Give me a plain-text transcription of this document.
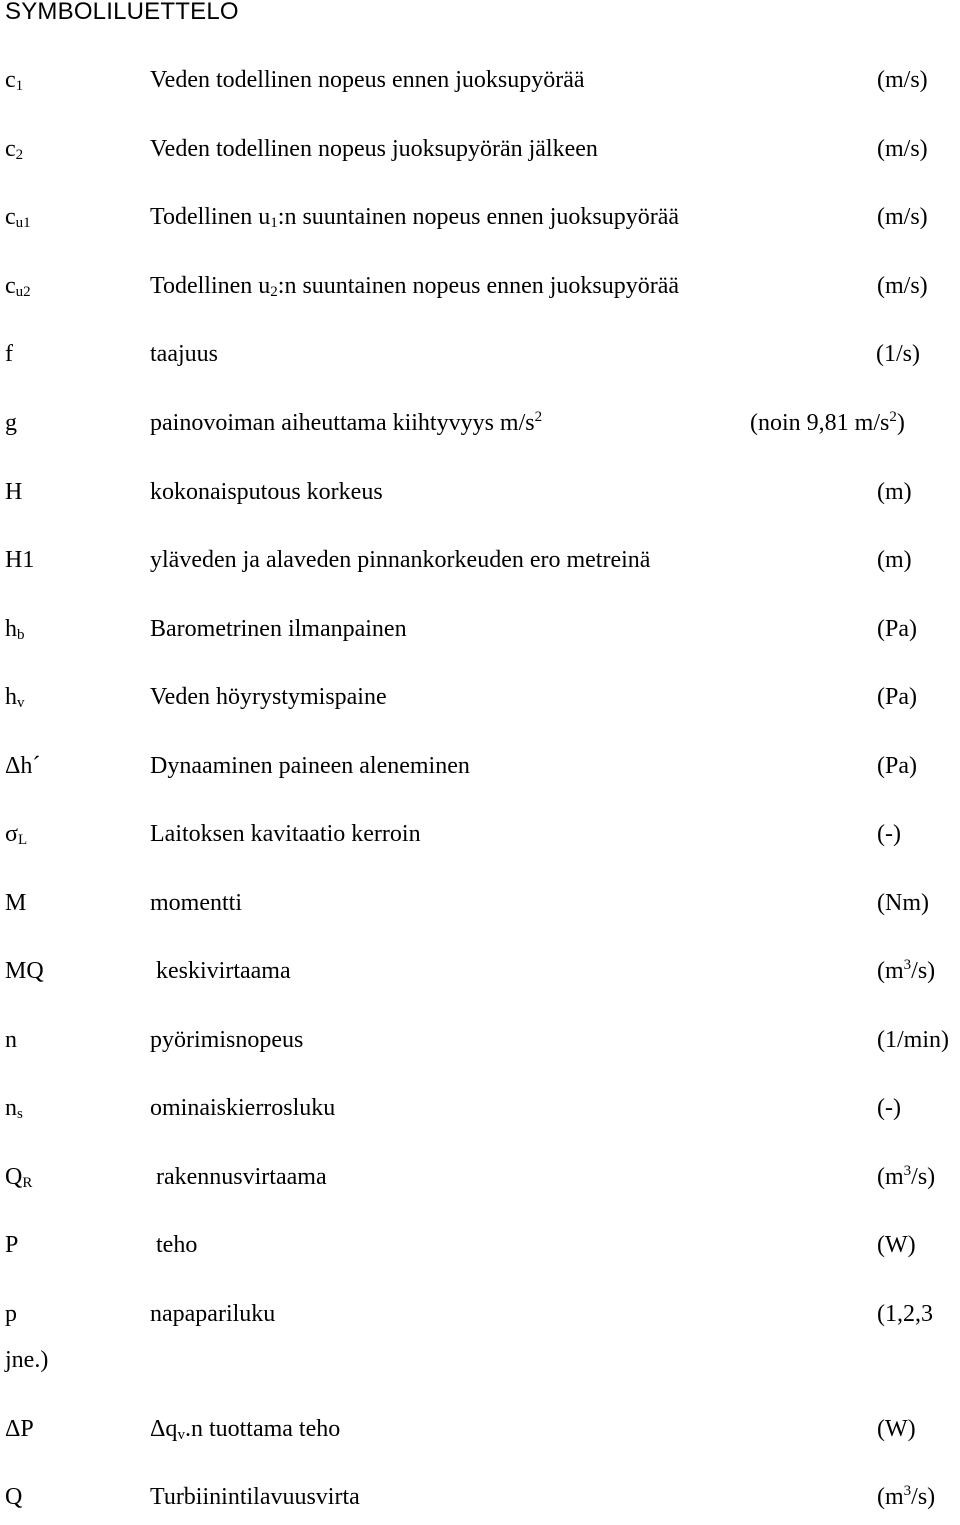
SYMBOLILUETTELO
$c_1$	Veden todellinen nopeus ennen juoksupyörää	(m/s)
$c_2$	Veden todellinen nopeus juoksupyörän jälkeen	(m/s)
$c_{u1}$	Todellinen $u_1:n$ suuntainen nopeus ennen juoksupyörää	(m/s)
$c_{u2}$	Todellinen $u_2:n$ suuntainen nopeus ennen juoksupyörää	(m/s)
f	taajuus	(1/s)
g	painovoiman aiheuttama kiihtyvyys $m/s^2$	(noin 9,81 $m/s^2$)
H	kokonaisputous korkeus	(m)
H1	yläveden ja alaveden pinnankorkeuden ero metreinä	(m)
$h_b$	Barometrinen ilmanpainen	(Pa)
$h_v$	Veden höyrystymispaine	(Pa)
Δh´	Dynaaminen paineen aleneminen	(Pa)
$\sigma_L$	Laitoksen kavitaatio kerroin	(-)
M	momentti	(Nm)
MQ	keskivirtaama	$(m^3/s)$
n	pyörimisnopeus	(1/min)
$n_s$	ominaiskierrosluku	(-)
$Q_R$	rakennusvirtaama	$(m^3/s)$
P	teho	(W)
p	napapariluku	(1,2,3
jne.)
ΔP	$\Delta q_v.n$ tuottama teho	(W)
Q	Turbiinintilavuusvirta	$(m^3/s)$
